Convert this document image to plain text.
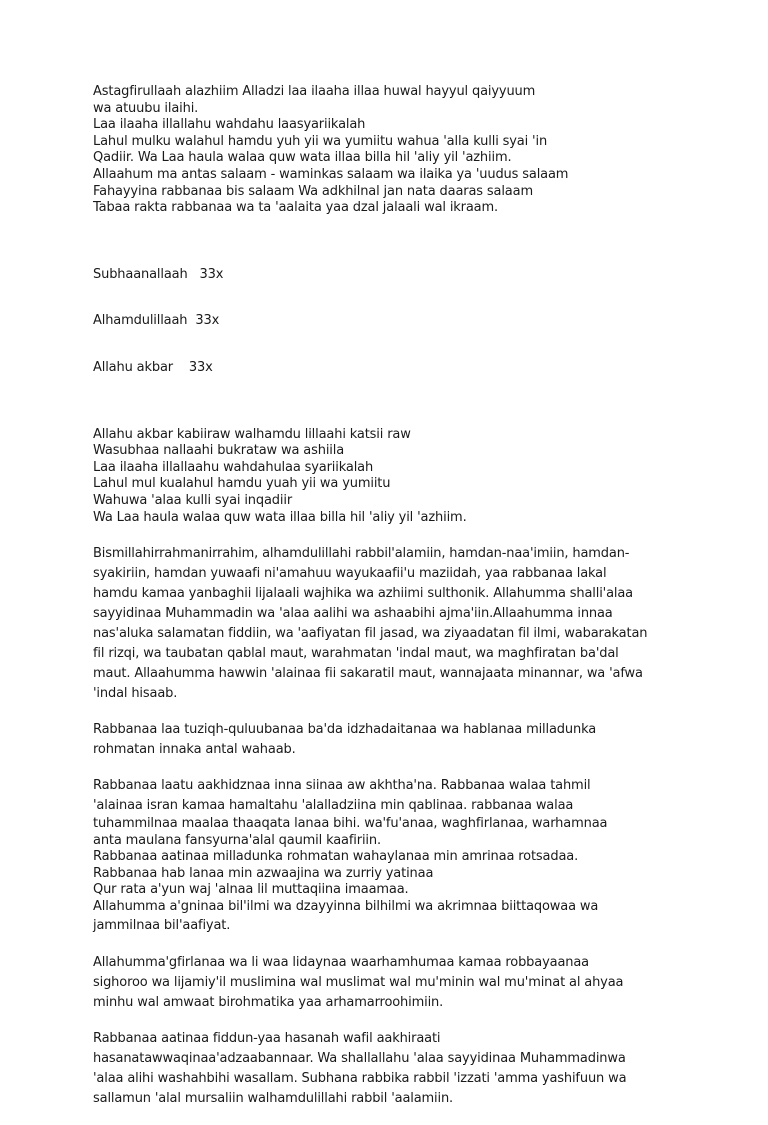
Astagfirullaah alazhiim Alladzi laa ilaaha illaa huwal hayyul qaiyyuum
wa atuubu ilaihi.
Laa ilaaha illallahu wahdahu laasyariikalah
Lahul mulku walahul hamdu yuh yii wa yumiitu wahua 'alla kulli syai 'in
Qadiir. Wa Laa haula walaa quw wata illaa billa hil 'aliy yil 'azhiim.
Allaahum ma antas salaam - waminkas salaam wa ilaika ya 'uudus salaam
Fahayyina rabbanaa bis salaam Wa adkhilnal jan nata daaras salaam
Tabaa rakta rabbanaa wa ta 'aalaita yaa dzal jalaali wal ikraam.

Subhaanallaah   33x

Alhamdulillaah  33x

Allahu akbar    33x

Allahu akbar kabiiraw walhamdu lillaahi katsii raw
Wasubhaa nallaahi bukrataw wa ashiila
Laa ilaaha illallaahu wahdahulaa syariikalah
Lahul mul kualahul hamdu yuah yii wa yumiitu
Wahuwa 'alaa kulli syai inqadiir
Wa Laa haula walaa quw wata illaa billa hil 'aliy yil 'azhiim.
Bismillahirrahmanirrahim, alhamdulillahi rabbil'alamiin, hamdan-naa'imiin, hamdan-
syakiriin, hamdan yuwaafi ni'amahuu wayukaafii'u maziidah, yaa rabbanaa lakal
hamdu kamaa yanbaghii lijalaali wajhika wa azhiimi sulthonik. Allahumma shalli'alaa
sayyidinaa Muhammadin wa 'alaa aalihi wa ashaabihi ajma'iin.Allaahumma innaa
nas'aluka salamatan fiddiin, wa 'aafiyatan fil jasad, wa ziyaadatan fil ilmi, wabarakatan
fil rizqi, wa taubatan qablal maut, warahmatan 'indal maut, wa maghfiratan ba'dal
maut. Allaahumma hawwin 'alainaa fii sakaratil maut, wannajaata minannar, wa 'afwa
'indal hisaab.
Rabbanaa laa tuziqh-quluubanaa ba'da idzhadaitanaa wa hablanaa milladunka
rohmatan innaka antal wahaab.
Rabbanaa laatu aakhidznaa inna siinaa aw akhtha'na. Rabbanaa walaa tahmil
'alainaa isran kamaa hamaltahu 'alalladziina min qablinaa. rabbanaa walaa
tuhammilnaa maalaa thaaqata lanaa bihi. wa'fu'anaa, waghfirlanaa, warhamnaa
anta maulana fansyurna'alal qaumil kaafiriin.
Rabbanaa aatinaa milladunka rohmatan wahaylanaa min amrinaa rotsadaa.
Rabbanaa hab lanaa min azwaajina wa zurriy yatinaa
Qur rata a'yun waj 'alnaa lil muttaqiina imaamaa.
Allahumma a'gninaa bil'ilmi wa dzayyinna bilhilmi wa akrimnaa biittaqowaa wa
jammilnaa bil'aafiyat.
Allahumma'gfirlanaa wa li waa lidaynaa waarhamhumaa kamaa robbayaanaa
sighoroo wa lijamiy'il muslimina wal muslimat wal mu'minin wal mu'minat al ahyaa
minhu wal amwaat birohmatika yaa arhamarroohimiin.
Rabbanaa aatinaa fiddun-yaa hasanah wafil aakhiraati
hasanatawwaqinaa'adzaabannaar. Wa shallallahu 'alaa sayyidinaa Muhammadinwa
'alaa alihi washahbihi wasallam. Subhana rabbika rabbil 'izzati 'amma yashifuun wa
sallamun 'alal mursaliin walhamdulillahi rabbil 'aalamiin.
